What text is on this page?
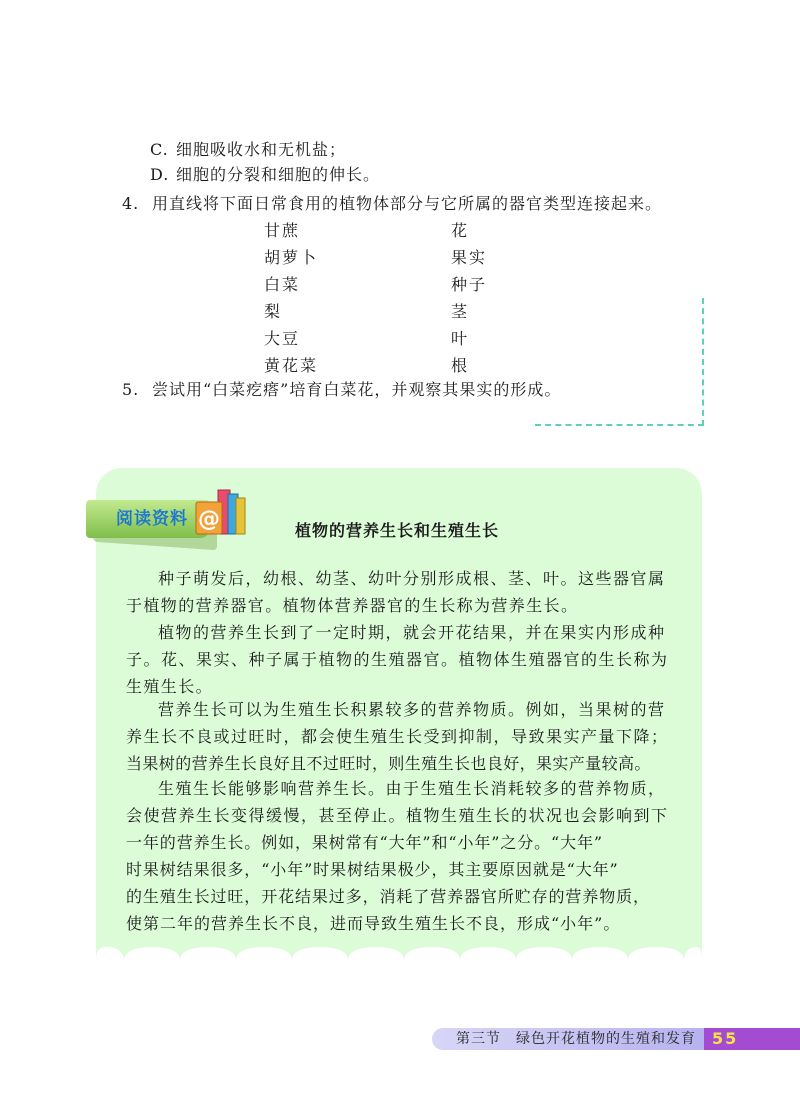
C. 细胞吸收水和无机盐；
D. 细胞的分裂和细胞的伸长。
4. 用直线将下面日常食用的植物体部分与它所属的器官类型连接起来。
甘蔗
胡萝卜
白菜
梨
大豆
黄花菜
花
果实
种子
茎
叶
根
5. 尝试用“白菜疙瘩”培育白菜花，并观察其果实的形成。
阅读资料 @	植物的营养生长和生殖生长
种子萌发后，幼根、幼茎、幼叶分别形成根、茎、叶。这些器官属
于植物的营养器官。植物体营养器官的生长称为营养生长。
植物的营养生长到了一定时期，就会开花结果，并在果实内形成种
子。花、果实、种子属于植物的生殖器官。植物体生殖器官的生长称为
生殖生长。
营养生长可以为生殖生长积累较多的营养物质。例如，当果树的营
养生长不良或过旺时，都会使生殖生长受到抑制，导致果实产量下降；
当果树的营养生长良好且不过旺时，则生殖生长也良好，果实产量较高。
生殖生长能够影响营养生长。由于生殖生长消耗较多的营养物质，
会使营养生长变得缓慢，甚至停止。植物生殖生长的状况也会影响到下
一年的营养生长。例如，果树常有“大年”和“小年”之分。“大年”
时果树结果很多，“小年”时果树结果极少，其主要原因就是“大年”
的生殖生长过旺，开花结果过多，消耗了营养器官所贮存的营养物质，
使第二年的营养生长不良，进而导致生殖生长不良，形成“小年”。
第三节　绿色开花植物的生殖和发育	55
